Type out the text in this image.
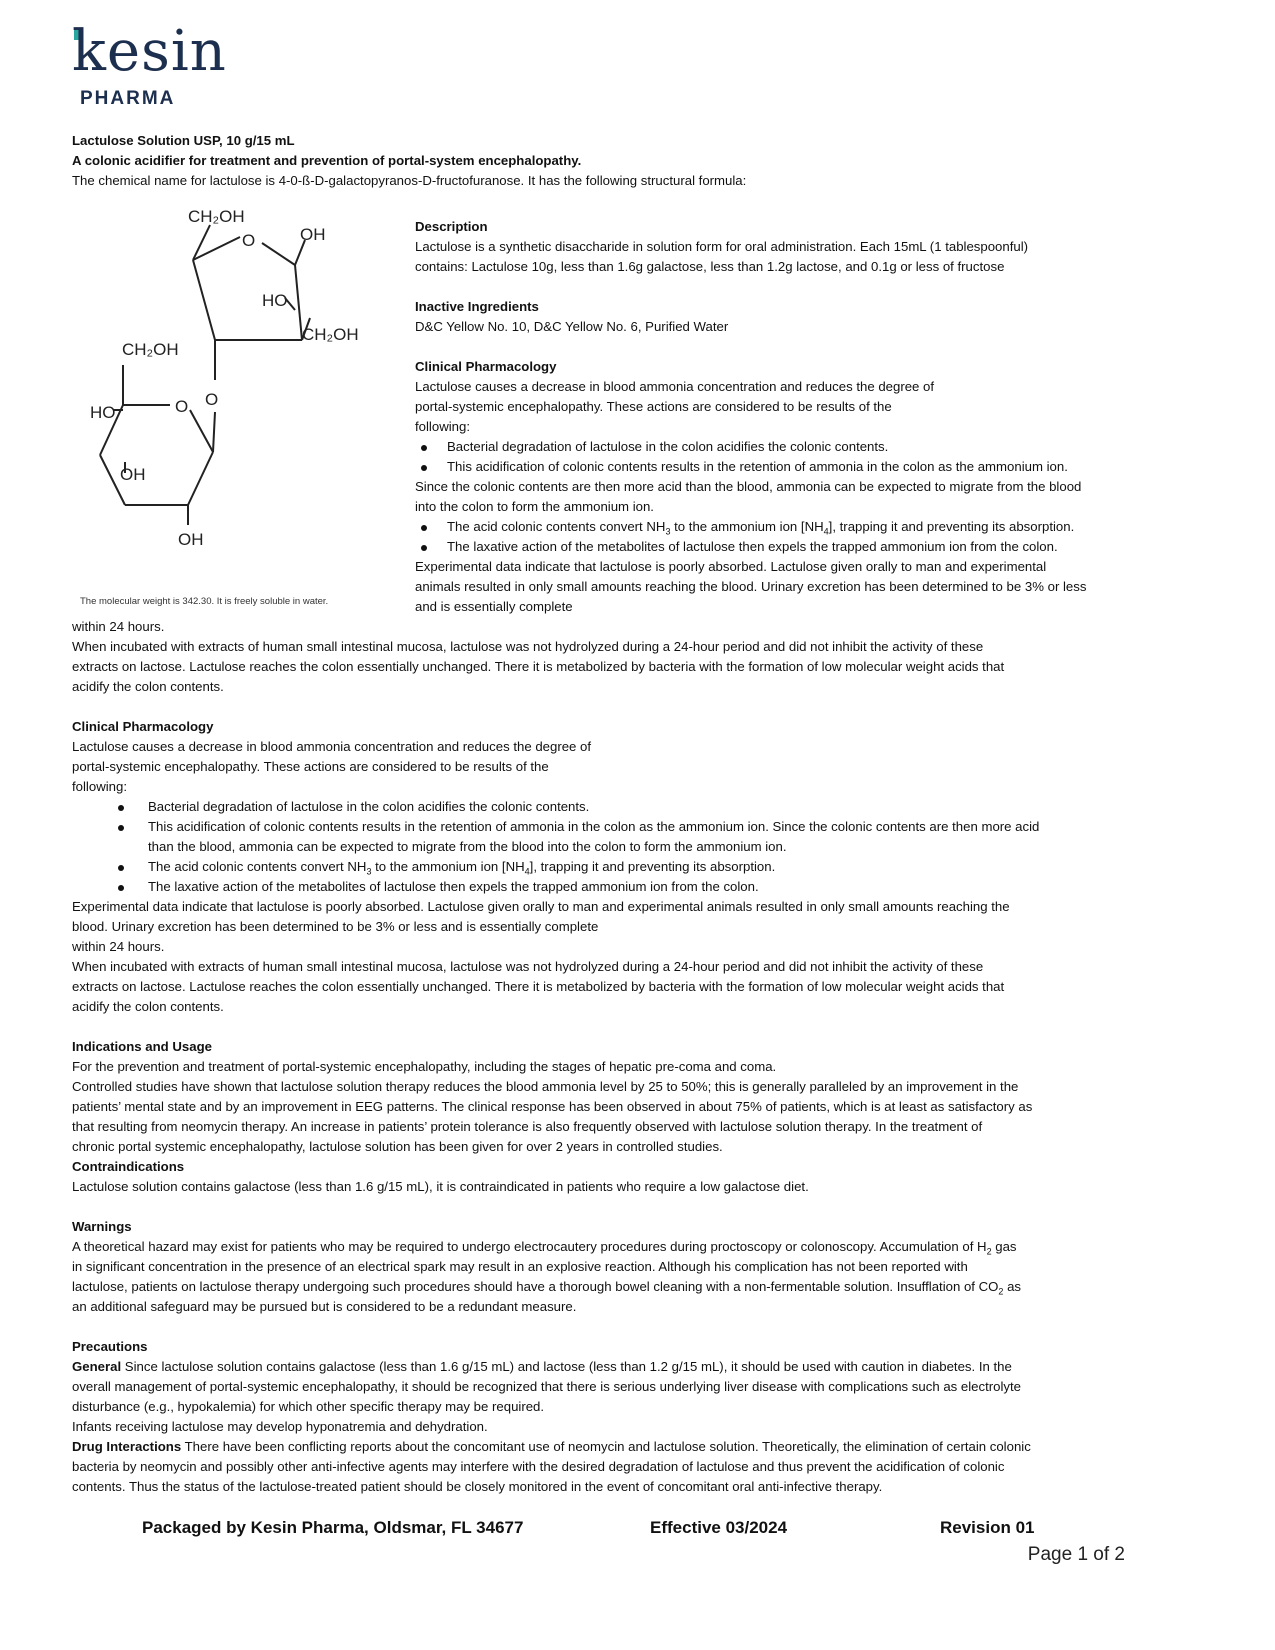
kesin
PHARMA
Lactulose Solution USP, 10 g/15 mL
A colonic acidifier for treatment and prevention of portal-system encephalopathy.
The chemical name for lactulose is 4-0-ß-D-galactopyranos-D-fructofuranose. It has the following structural formula:
CH₂OH
O	OH
HO
CH₂OH
CH₂OH
O
O
HO
OH
OH
The molecular weight is 342.30. It is freely soluble in water.
Description
Lactulose is a synthetic disaccharide in solution form for oral administration. Each 15mL (1 tablespoonful)
contains: Lactulose 10g, less than 1.6g galactose, less than 1.2g lactose, and 0.1g or less of fructose
Inactive Ingredients
D&C Yellow No. 10, D&C Yellow No. 6, Purified Water
Clinical Pharmacology
Lactulose causes a decrease in blood ammonia concentration and reduces the degree of
portal-systemic encephalopathy. These actions are considered to be results of the
following:
Bacterial degradation of lactulose in the colon acidifies the colonic contents.
This acidification of colonic contents results in the retention of ammonia in the colon as the ammonium ion.
Since the colonic contents are then more acid than the blood, ammonia can be expected to migrate from the blood
into the colon to form the ammonium ion.
The acid colonic contents convert $NH_3$ to the ammonium ion $[NH_4]$, trapping it and preventing its absorption.
The laxative action of the metabolites of lactulose then expels the trapped ammonium ion from the colon.
Experimental data indicate that lactulose is poorly absorbed. Lactulose given orally to man and experimental
animals resulted in only small amounts reaching the blood. Urinary excretion has been determined to be 3% or less
and is essentially complete
within 24 hours.
When incubated with extracts of human small intestinal mucosa, lactulose was not hydrolyzed during a 24-hour period and did not inhibit the activity of these
extracts on lactose. Lactulose reaches the colon essentially unchanged. There it is metabolized by bacteria with the formation of low molecular weight acids that
acidify the colon contents.
Clinical Pharmacology
Lactulose causes a decrease in blood ammonia concentration and reduces the degree of
portal-systemic encephalopathy. These actions are considered to be results of the
following:
Bacterial degradation of lactulose in the colon acidifies the colonic contents.
This acidification of colonic contents results in the retention of ammonia in the colon as the ammonium ion. Since the colonic contents are then more acid
than the blood, ammonia can be expected to migrate from the blood into the colon to form the ammonium ion.
The acid colonic contents convert $NH_3$ to the ammonium ion $[NH_4]$, trapping it and preventing its absorption.
The laxative action of the metabolites of lactulose then expels the trapped ammonium ion from the colon.
Experimental data indicate that lactulose is poorly absorbed. Lactulose given orally to man and experimental animals resulted in only small amounts reaching the
blood. Urinary excretion has been determined to be 3% or less and is essentially complete
within 24 hours.
When incubated with extracts of human small intestinal mucosa, lactulose was not hydrolyzed during a 24-hour period and did not inhibit the activity of these
extracts on lactose. Lactulose reaches the colon essentially unchanged. There it is metabolized by bacteria with the formation of low molecular weight acids that
acidify the colon contents.
Indications and Usage
For the prevention and treatment of portal-systemic encephalopathy, including the stages of hepatic pre-coma and coma.
Controlled studies have shown that lactulose solution therapy reduces the blood ammonia level by 25 to 50%; this is generally paralleled by an improvement in the
patients’ mental state and by an improvement in EEG patterns. The clinical response has been observed in about 75% of patients, which is at least as satisfactory as
that resulting from neomycin therapy. An increase in patients’ protein tolerance is also frequently observed with lactulose solution therapy. In the treatment of
chronic portal systemic encephalopathy, lactulose solution has been given for over 2 years in controlled studies.
Contraindications
Lactulose solution contains galactose (less than 1.6 g/15 mL), it is contraindicated in patients who require a low galactose diet.
Warnings
A theoretical hazard may exist for patients who may be required to undergo electrocautery procedures during proctoscopy or colonoscopy. Accumulation of $H_2$ gas
in significant concentration in the presence of an electrical spark may result in an explosive reaction. Although his complication has not been reported with
lactulose, patients on lactulose therapy undergoing such procedures should have a thorough bowel cleaning with a non-fermentable solution. Insufflation of $CO_2$ as
an additional safeguard may be pursued but is considered to be a redundant measure.
Precautions
General Since lactulose solution contains galactose (less than 1.6 g/15 mL) and lactose (less than 1.2 g/15 mL), it should be used with caution in diabetes. In the
overall management of portal-systemic encephalopathy, it should be recognized that there is serious underlying liver disease with complications such as electrolyte
disturbance (e.g., hypokalemia) for which other specific therapy may be required.
Infants receiving lactulose may develop hyponatremia and dehydration.
Drug Interactions There have been conflicting reports about the concomitant use of neomycin and lactulose solution. Theoretically, the elimination of certain colonic
bacteria by neomycin and possibly other anti-infective agents may interfere with the desired degradation of lactulose and thus prevent the acidification of colonic
contents. Thus the status of the lactulose-treated patient should be closely monitored in the event of concomitant oral anti-infective therapy.
Packaged by Kesin Pharma, Oldsmar, FL 34677	Effective 03/2024	Revision 01
Page 1 of 2
